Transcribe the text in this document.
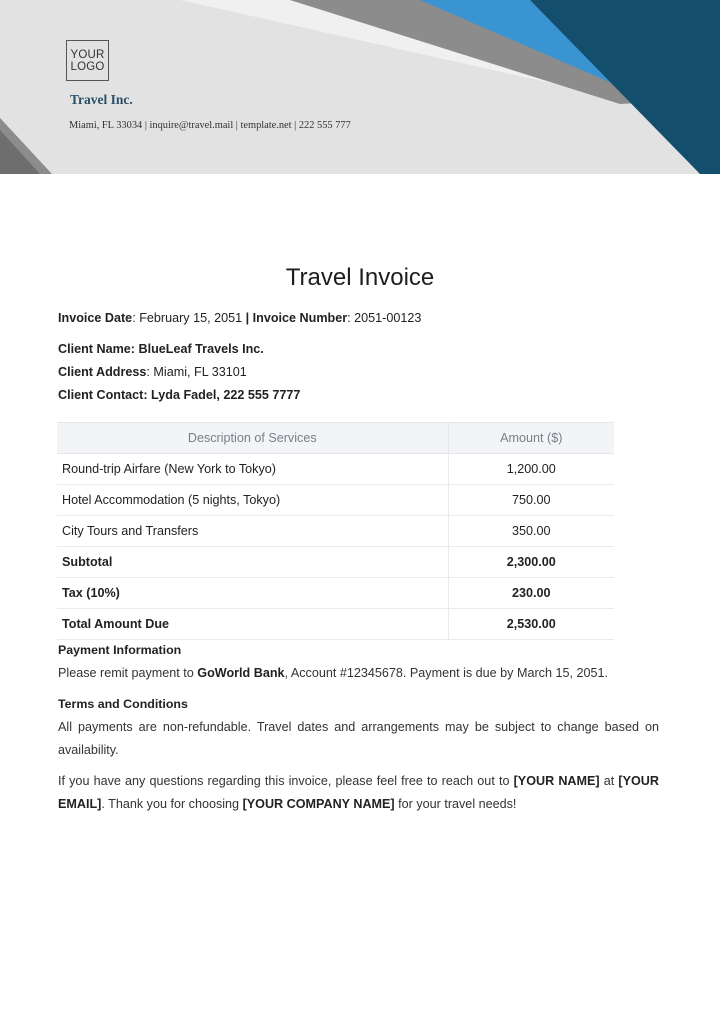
YOUR
LOGO
Travel Inc.
Miami, FL 33034 | inquire@travel.mail | template.net | 222 555 777
Travel Invoice
Invoice Date: February 15, 2051 | Invoice Number: 2051-00123
Client Name: BlueLeaf Travels Inc.
Client Address: Miami, FL 33101
Client Contact: Lyda Fadel, 222 555 7777
Description of Services	Amount ($)
Round-trip Airfare (New York to Tokyo)	1,200.00
Hotel Accommodation (5 nights, Tokyo)	750.00
City Tours and Transfers	350.00
Subtotal	2,300.00
Tax (10%)	230.00
Total Amount Due	2,530.00
Payment Information
Please remit payment to GoWorld Bank, Account #12345678. Payment is due by March 15, 2051.
Terms and Conditions
All payments are non-refundable. Travel dates and arrangements may be subject to change based on availability.
If you have any questions regarding this invoice, please feel free to reach out to [YOUR NAME] at [YOUR EMAIL]. Thank you for choosing [YOUR COMPANY NAME] for your travel needs!
